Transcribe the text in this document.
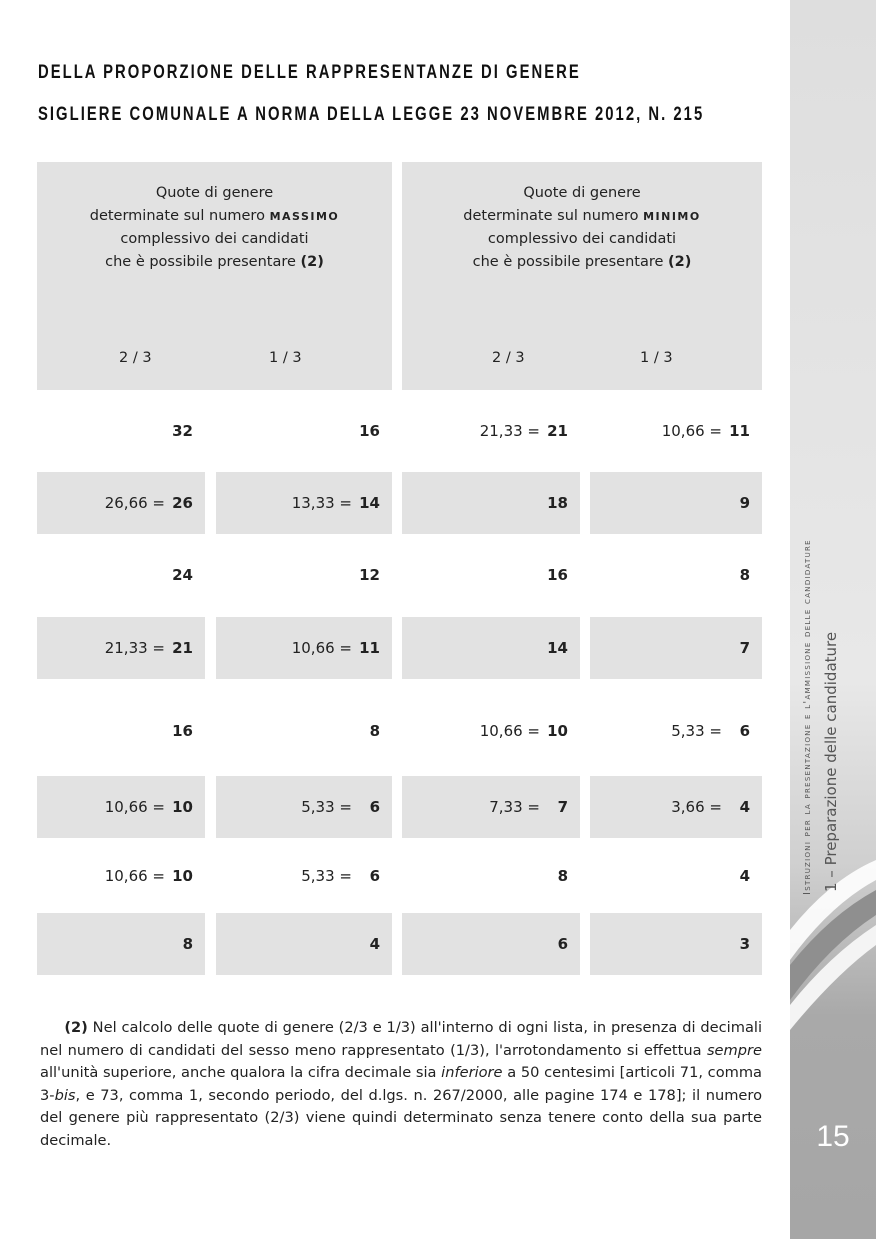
DELLA PROPORZIONE DELLE RAPPRESENTANZE DI GENERE
SIGLIERE COMUNALE A NORMA DELLA LEGGE 23 NOVEMBRE 2012, N. 215
Quote di genere
determinate sul numero MASSIMO
complessivo dei candidati
che è possibile presentare (2)
2 / 3	1 / 3
Quote di genere
determinate sul numero MINIMO
complessivo dei candidati
che è possibile presentare (2)
2 / 3	1 / 3
32	16	21,33 = 21	10,66 = 11
26,66 = 26	13,33 = 14	18	9
24	12	16	8
21,33 = 21	10,66 = 11	14	7
16	8	10,66 = 10	5,33 =	6
10,66 = 10	5,33 =	6	7,33 =	7	3,66 =	4
10,66 = 10	5,33 =	6	8	4
8	4	6	3
(2) Nel calcolo delle quote di genere (2/3 e 1/3) all'interno di ogni lista, in presenza di decimali nel numero di candidati del sesso meno rappresentato (1/3), l'arrotondamento si effettua sempre all'unità superiore, anche qualora la cifra decimale sia inferiore a 50 centesimi [articoli 71, comma 3-bis, e 73, comma 1, secondo periodo, del d.lgs. n. 267/2000, alle pagine 174 e 178]; il numero del genere più rappresentato (2/3) viene quindi determinato senza tenere conto della sua parte decimale.
Istruzioni per la presentazione e l'ammissione delle candidature 1 – Preparazione delle candidature
15
